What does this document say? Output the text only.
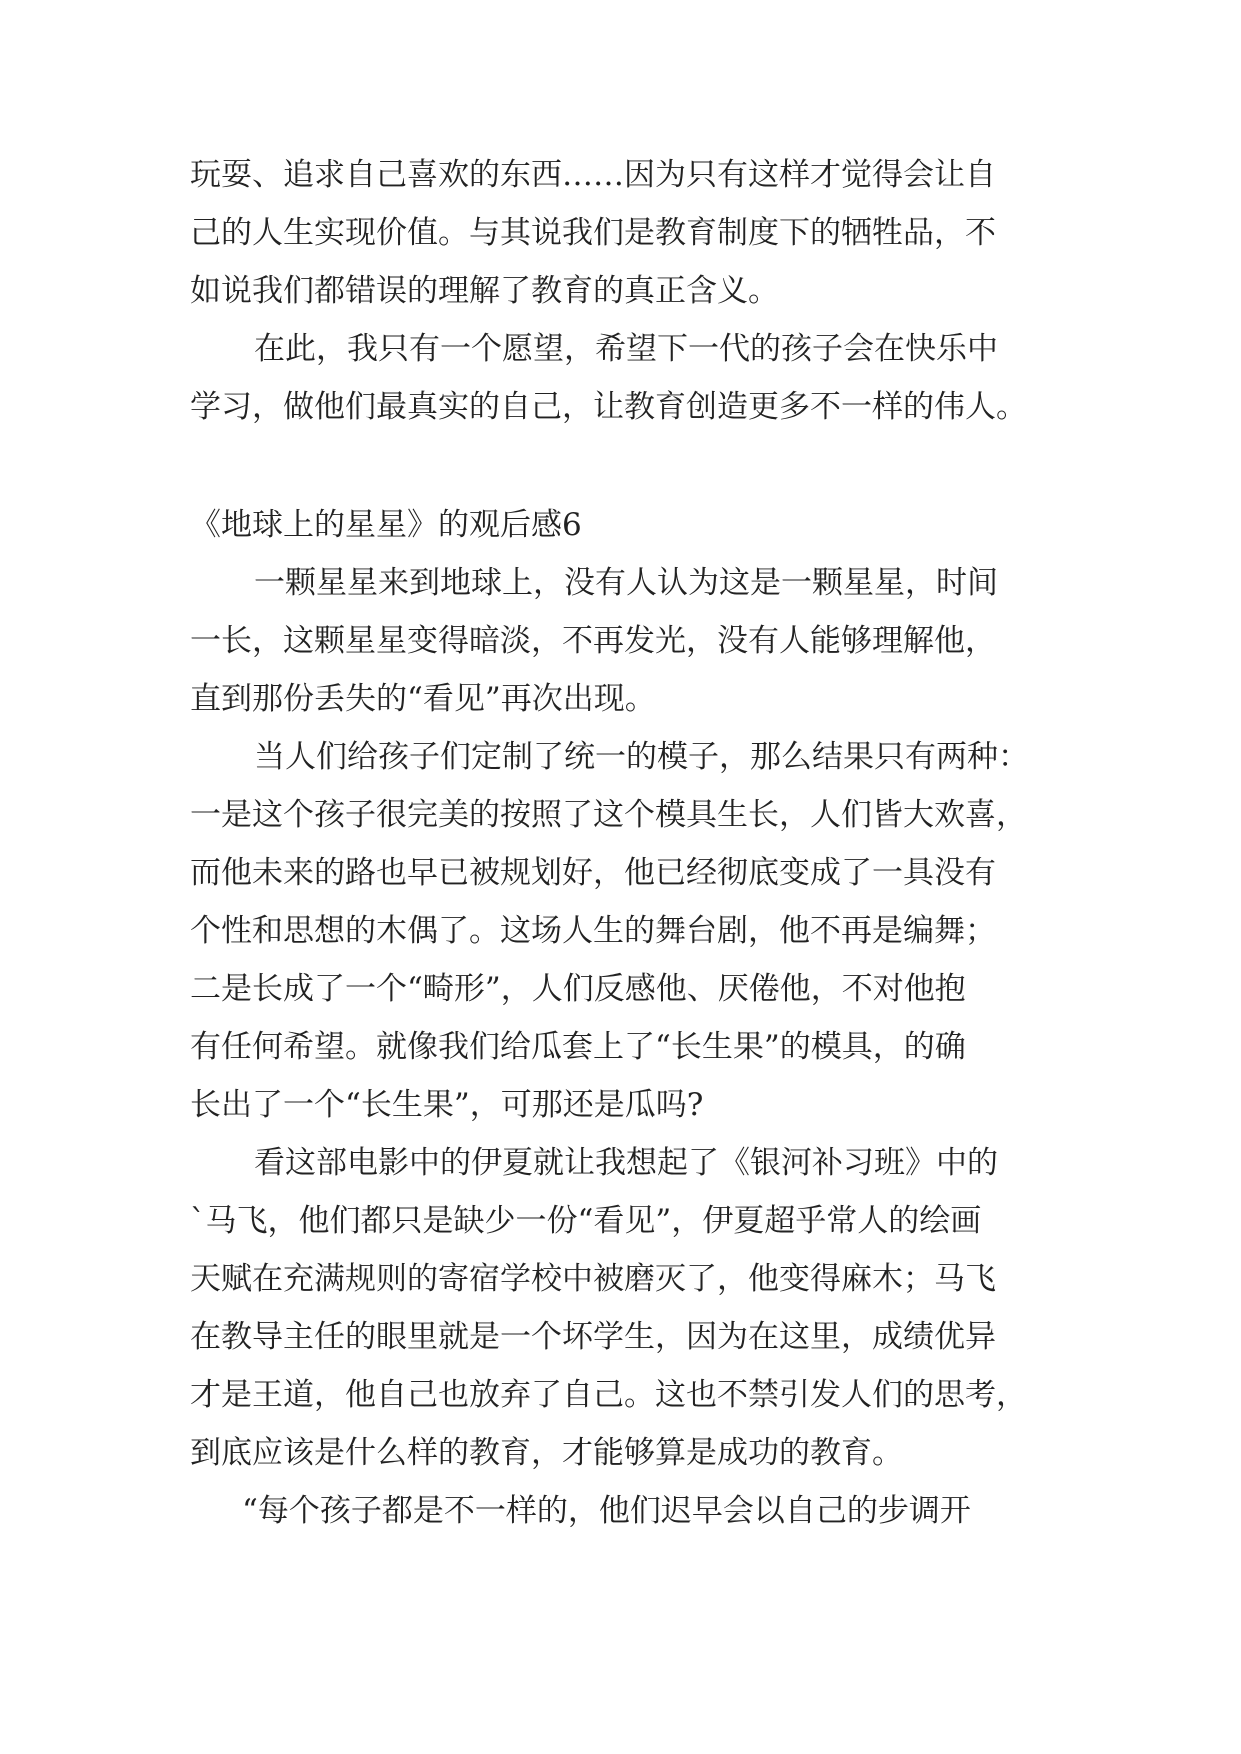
玩耍、追求自己喜欢的东西……因为只有这样才觉得会让自
己的人生实现价值。与其说我们是教育制度下的牺牲品，不
如说我们都错误的理解了教育的真正含义。
在此，我只有一个愿望，希望下一代的孩子会在快乐中
学习，做他们最真实的自己，让教育创造更多不一样的伟人。
《地球上的星星》的观后感6
一颗星星来到地球上，没有人认为这是一颗星星，时间
一长，这颗星星变得暗淡，不再发光，没有人能够理解他，
直到那份丢失的“看见”再次出现。
当人们给孩子们定制了统一的模子，那么结果只有两种：
一是这个孩子很完美的按照了这个模具生长，人们皆大欢喜，
而他未来的路也早已被规划好，他已经彻底变成了一具没有
个性和思想的木偶了。这场人生的舞台剧，他不再是编舞；
二是长成了一个“畸形”，人们反感他、厌倦他，不对他抱
有任何希望。就像我们给瓜套上了“长生果”的模具，的确
长出了一个“长生果”，可那还是瓜吗?
看这部电影中的伊夏就让我想起了《银河补习班》中的
`马飞，他们都只是缺少一份“看见”，伊夏超乎常人的绘画
天赋在充满规则的寄宿学校中被磨灭了，他变得麻木；马飞
在教导主任的眼里就是一个坏学生，因为在这里，成绩优异
才是王道，他自己也放弃了自己。这也不禁引发人们的思考，
到底应该是什么样的教育，才能够算是成功的教育。
“每个孩子都是不一样的，他们迟早会以自己的步调开
